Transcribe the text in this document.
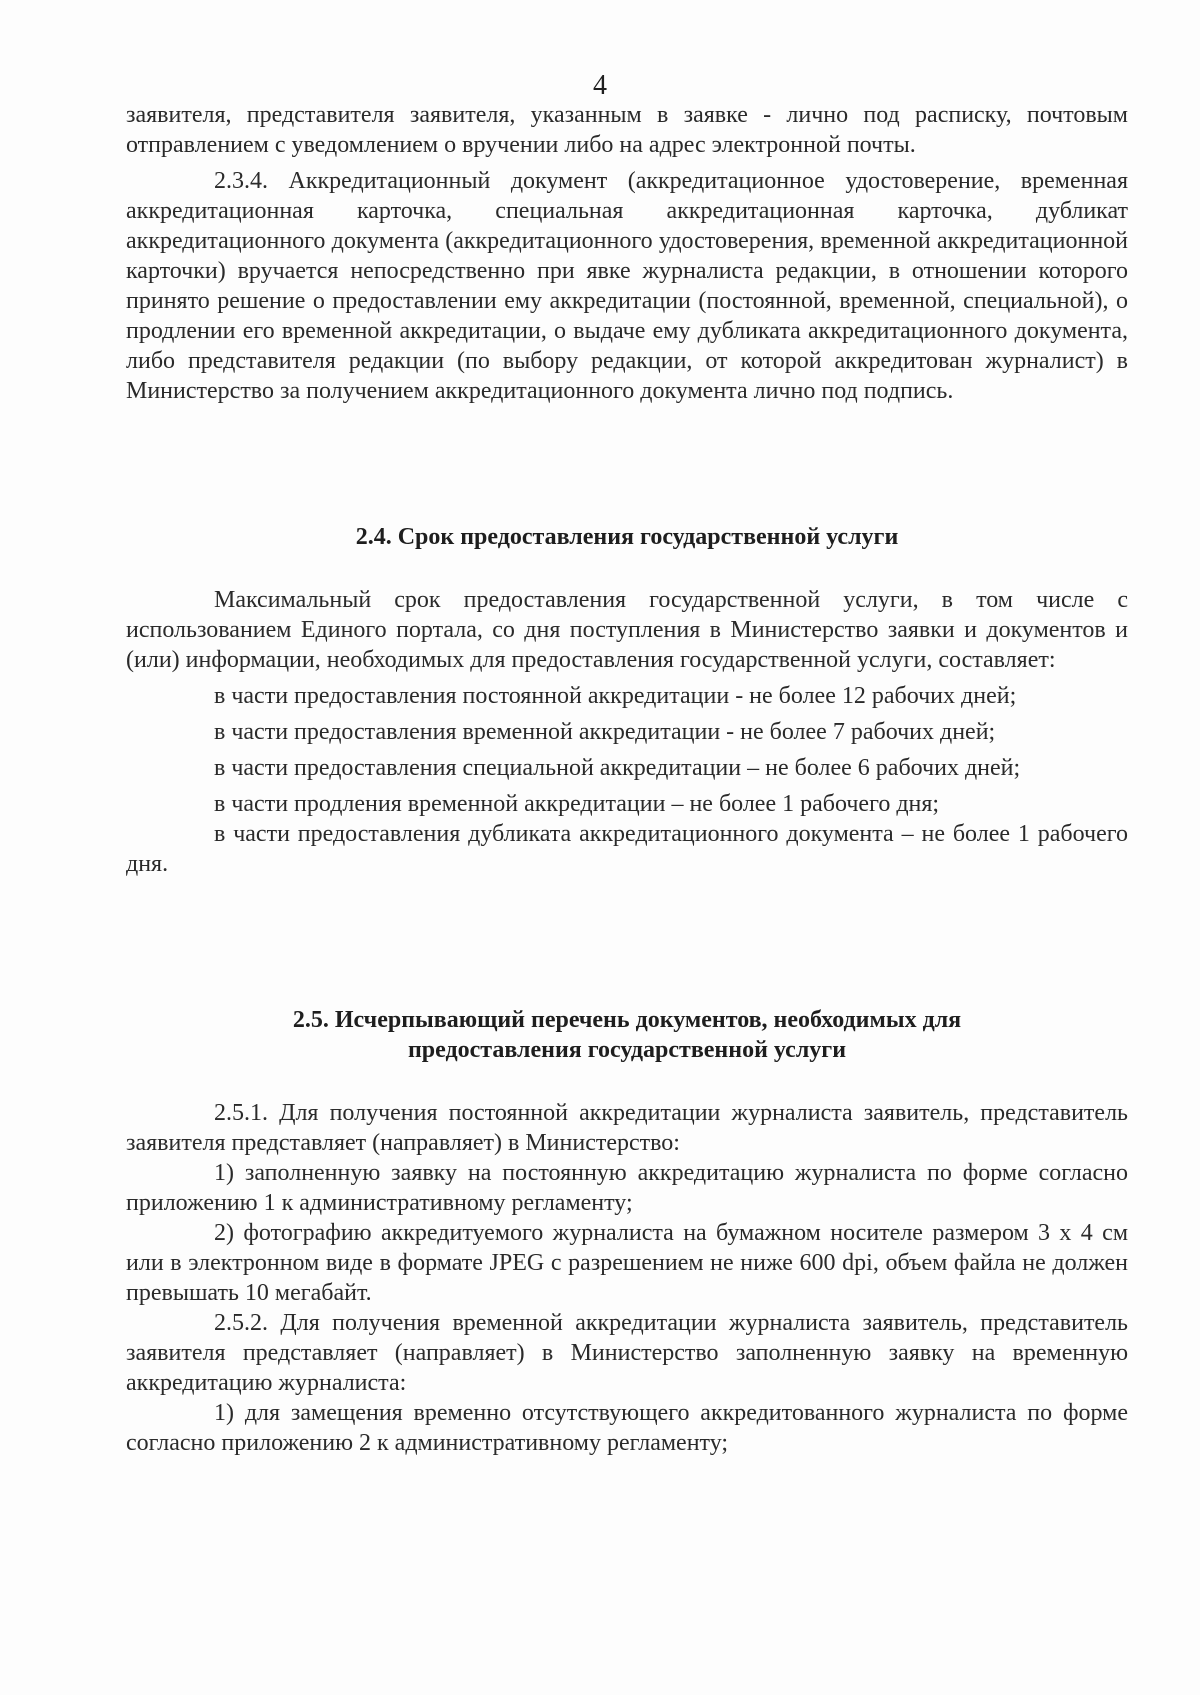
4

заявителя, представителя заявителя, указанным в заявке - лично под расписку, почтовым отправлением с уведомлением о вручении либо на адрес электронной почты.

2.3.4. Аккредитационный документ (аккредитационное удостоверение, временная аккредитационная карточка, специальная аккредитационная карточка, дубликат аккредитационного документа (аккредитационного удостоверения, временной аккредитационной карточки) вручается непосредственно при явке журналиста редакции, в отношении которого принято решение о предоставлении ему аккредитации (постоянной, временной, специальной), о продлении его временной аккредитации, о выдаче ему дубликата аккредитационного документа, либо представителя редакции (по выбору редакции, от которой аккредитован журналист) в Министерство за получением аккредитационного документа лично под подпись.

2.4. Срок предоставления государственной услуги

Максимальный срок предоставления государственной услуги, в том числе с использованием Единого портала, со дня поступления в Министерство заявки и документов и (или) информации, необходимых для предоставления государственной услуги, составляет:

в части предоставления постоянной аккредитации - не более 12 рабочих дней;

в части предоставления временной аккредитации - не более 7 рабочих дней;

в части предоставления специальной аккредитации – не более 6 рабочих дней;

в части продления временной аккредитации – не более 1 рабочего дня;

в части предоставления дубликата аккредитационного документа – не более 1 рабочего дня.

2.5. Исчерпывающий перечень документов, необходимых для
предоставления государственной услуги

2.5.1. Для получения постоянной аккредитации журналиста заявитель, представитель заявителя представляет (направляет) в Министерство:

1) заполненную заявку на постоянную аккредитацию журналиста по форме согласно приложению 1 к административному регламенту;

2) фотографию аккредитуемого журналиста на бумажном носителе размером 3 х 4 см или в электронном виде в формате JPEG с разрешением не ниже 600 dpi, объем файла не должен превышать 10 мегабайт.

2.5.2. Для получения временной аккредитации журналиста заявитель, представитель заявителя представляет (направляет) в Министерство заполненную заявку на временную аккредитацию журналиста:

1) для замещения временно отсутствующего аккредитованного журналиста по форме согласно приложению 2 к административному регламенту;
